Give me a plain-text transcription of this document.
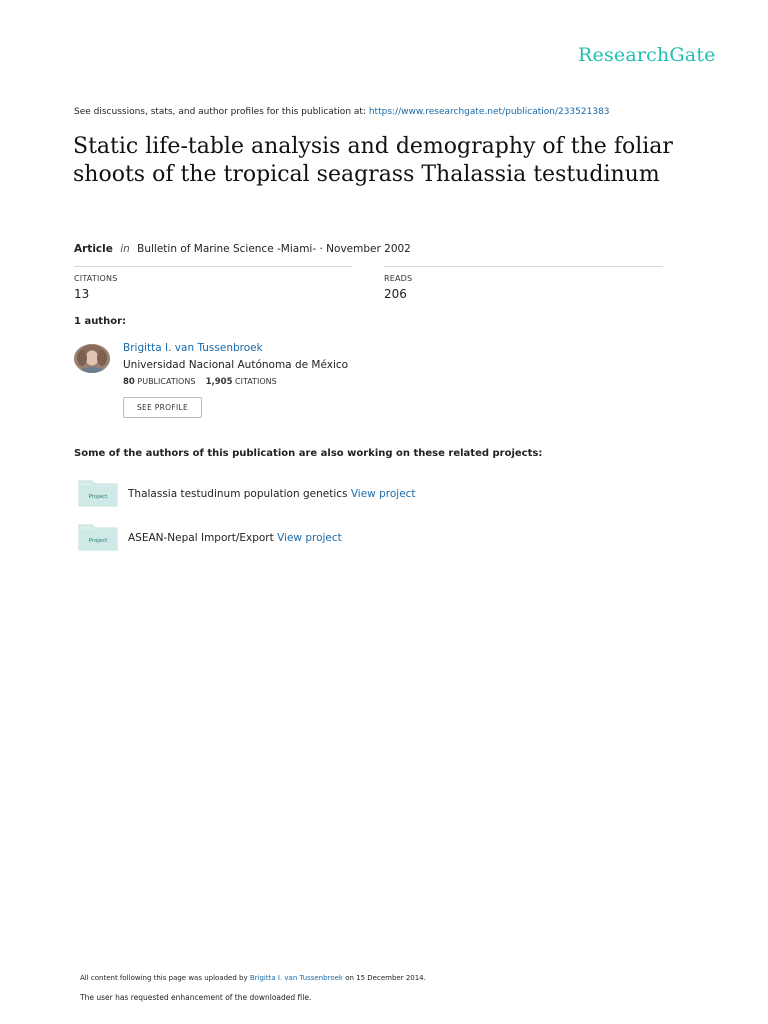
ResearchGate
See discussions, stats, and author profiles for this publication at: https://www.researchgate.net/publication/233521383
Static life-table analysis and demography of the foliar shoots of the tropical seagrass Thalassia testudinum
Article in Bulletin of Marine Science -Miami- · November 2002
CITATIONS
13
READS
206
1 author:
Brigitta I. van Tussenbroek
Universidad Nacional Autónoma de México
80 PUBLICATIONS 1,905 CITATIONS
SEE PROFILE
Some of the authors of this publication are also working on these related projects:
Project Thalassia testudinum population genetics View project
Project ASEAN-Nepal Import/Export View project
All content following this page was uploaded by Brigitta I. van Tussenbroek on 15 December 2014.
The user has requested enhancement of the downloaded file.
